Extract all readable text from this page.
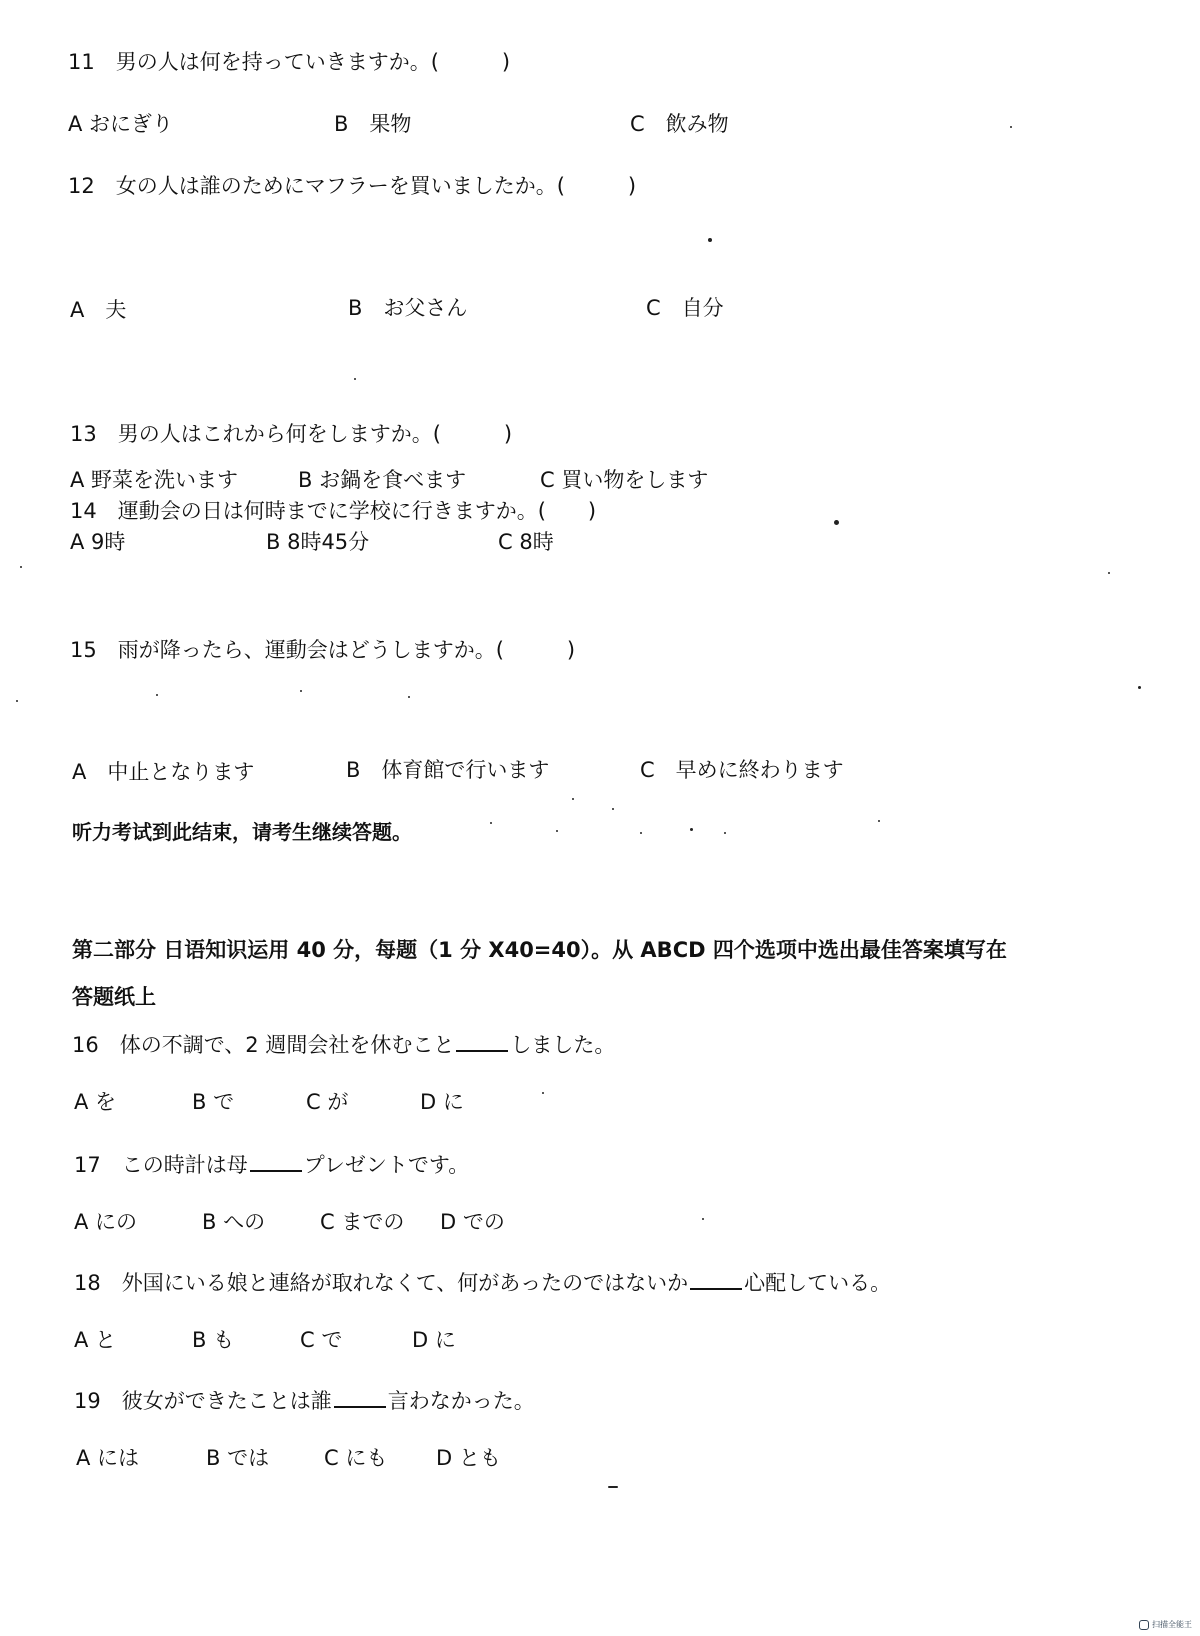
11　男の人は何を持っていきますか。(　　　)
A おにぎり	B　果物	C　飲み物
12　女の人は誰のためにマフラーを買いましたか。(　　　)
A　夫	B　お父さん	C　自分
13　男の人はこれから何をしますか。(　　　)
A 野菜を洗います	B お鍋を食べます	C 買い物をします
14　運動会の日は何時までに学校に行きますか。(　　)
A 9時	B 8時45分	C 8時
15　雨が降ったら、運動会はどうしますか。(　　　)
A　中止となります	B　体育館で行います	C　早めに終わります
听力考试到此结束，请考生继续答题。
第二部分 日语知识运用 40 分，每题（1 分 X40=40）。从 ABCD 四个选项中选出最佳答案填写在
答题纸上
16　体の不調で、2 週間会社を休むこと	しました。
A を	B で	C が	D に
17　この時計は母	プレゼントです。
A にの	B への	C までの D での
18　外国にいる娘と連絡が取れなくて、何があったのではないか	心配している。
A と	B も	C で	D に
19　彼女ができたことは誰	言わなかった。
A には	B では	C にも D とも
扫描全能王
